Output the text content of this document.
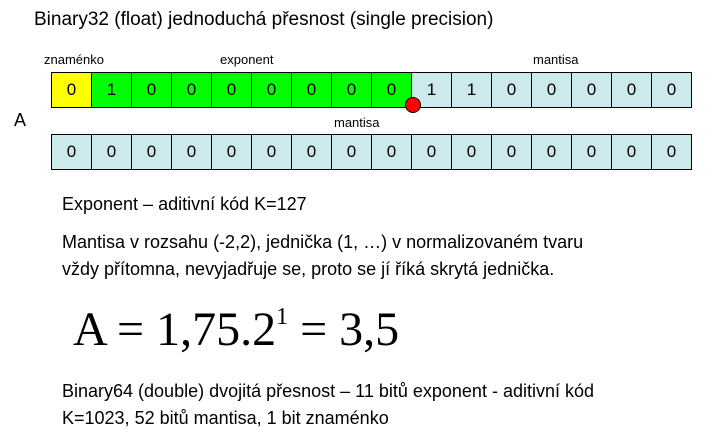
Binary32 (float) jednoduchá přesnost (single precision)
znaménko	exponent	mantisa
0	1	0	0	0	0	0	0	0	1	1	0	0	0	0	0
A	mantisa
0	0	0	0	0	0	0	0	0	0	0	0	0	0	0	0
Exponent – aditivní kód K=127
Mantisa v rozsahu (-2,2), jednička (1, …) v normalizovaném tvaru
vždy přítomna, nevyjadřuje se, proto se jí říká skrytá jednička.
$A = 1,75.2^1 = 3,5$
Binary64 (double) dvojitá přesnost – 11 bitů exponent - aditivní kód
K=1023, 52 bitů mantisa, 1 bit znaménko
